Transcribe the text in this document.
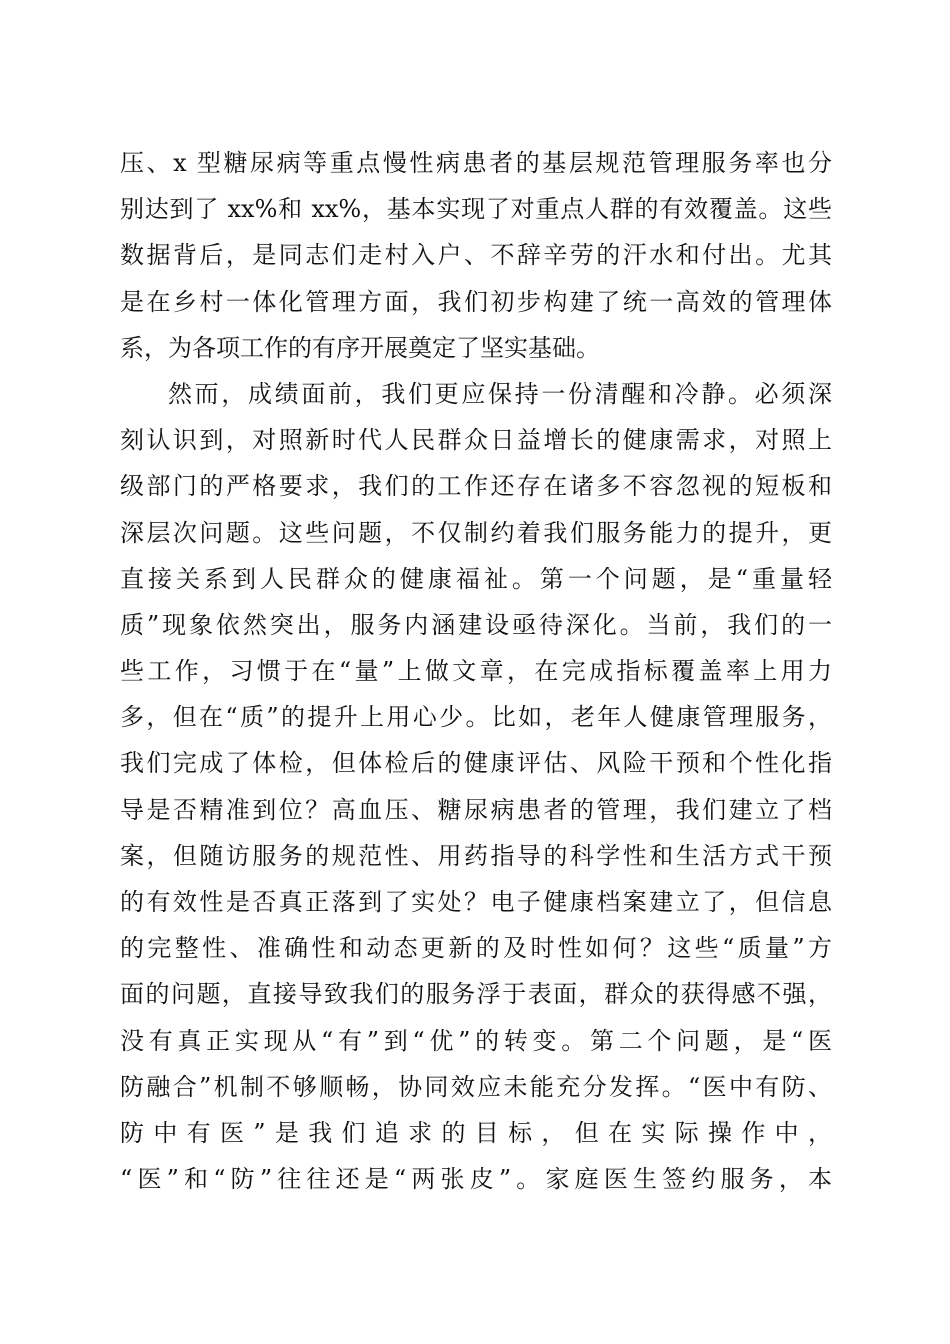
压、x 型糖尿病等重点慢性病患者的基层规范管理服务率也分
别达到了 xx%和 xx%，基本实现了对重点人群的有效覆盖。这些
数据背后，是同志们走村入户、不辞辛劳的汗水和付出。尤其
是在乡村一体化管理方面，我们初步构建了统一高效的管理体
系，为各项工作的有序开展奠定了坚实基础。
然而，成绩面前，我们更应保持一份清醒和冷静。必须深
刻认识到，对照新时代人民群众日益增长的健康需求，对照上
级部门的严格要求，我们的工作还存在诸多不容忽视的短板和
深层次问题。这些问题，不仅制约着我们服务能力的提升，更
直接关系到人民群众的健康福祉。第一个问题，是“重量轻
质”现象依然突出，服务内涵建设亟待深化。当前，我们的一
些工作，习惯于在“量”上做文章，在完成指标覆盖率上用力
多，但在“质”的提升上用心少。比如，老年人健康管理服务，
我们完成了体检，但体检后的健康评估、风险干预和个性化指
导是否精准到位？高血压、糖尿病患者的管理，我们建立了档
案，但随访服务的规范性、用药指导的科学性和生活方式干预
的有效性是否真正落到了实处？电子健康档案建立了，但信息
的完整性、准确性和动态更新的及时性如何？这些“质量”方
面的问题，直接导致我们的服务浮于表面，群众的获得感不强，
没有真正实现从“有”到“优”的转变。第二个问题，是“医
防融合”机制不够顺畅，协同效应未能充分发挥。“医中有防、
防中有医”是我们追求的目标，但在实际操作中，
“医”和“防”往往还是“两张皮”。家庭医生签约服务，本
